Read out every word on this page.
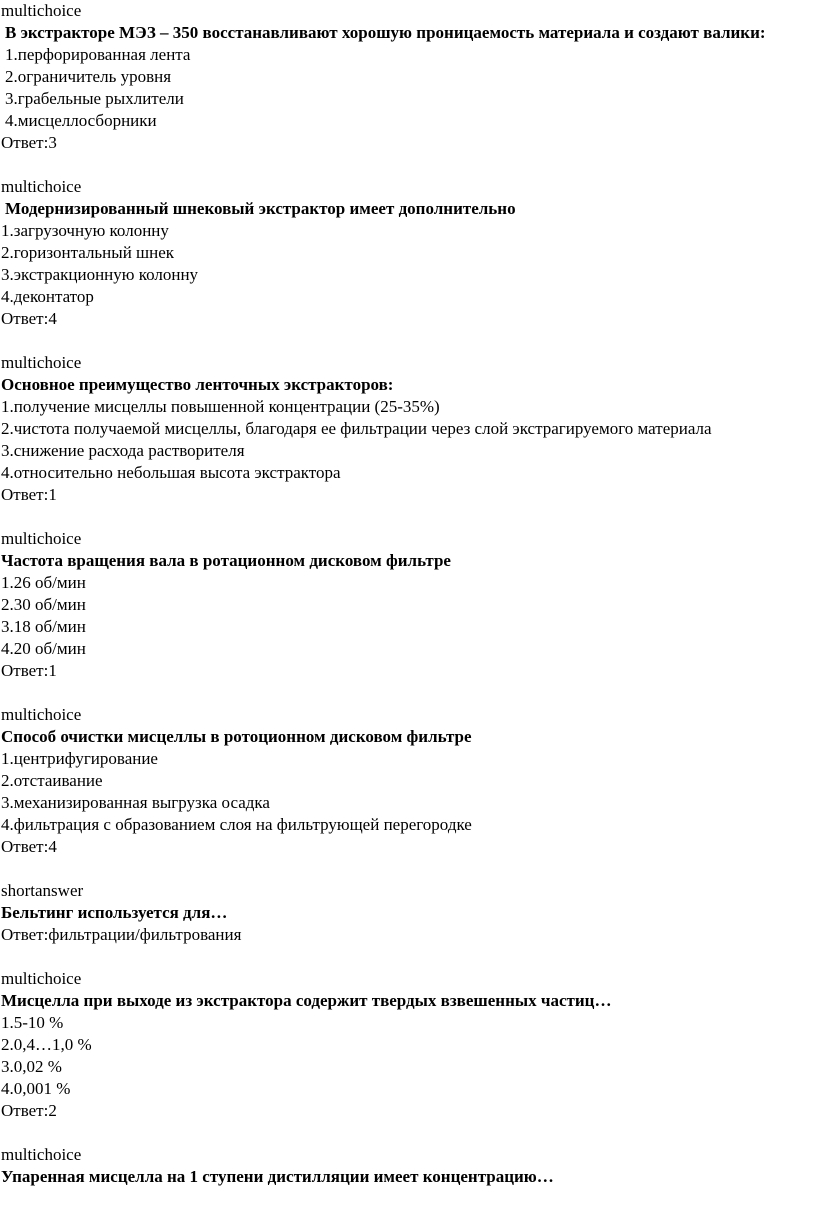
multichoice
В экстракторе МЭЗ – 350 восстанавливают хорошую проницаемость материала и создают валики:
1.перфорированная лента
2.ограничитель уровня
3.грабельные рыхлители
4.мисцеллосборники
Ответ:3
multichoice
Модернизированный шнековый экстрактор имеет дополнительно
1.загрузочную колонну
2.горизонтальный шнек
3.экстракционную колонну
4.деконтатор
Ответ:4
multichoice
Основное преимущество ленточных экстракторов:
1.получение мисцеллы повышенной концентрации (25-35%)
2.чистота получаемой мисцеллы, благодаря ее фильтрации через слой экстрагируемого материала
3.снижение расхода растворителя
4.относительно небольшая высота экстрактора
Ответ:1
multichoice
Частота вращения вала в ротационном дисковом фильтре
1.26 об/мин
2.30 об/мин
3.18 об/мин
4.20 об/мин
Ответ:1
multichoice
Способ очистки мисцеллы в ротоционном дисковом фильтре
1.центрифугирование
2.отстаивание
3.механизированная выгрузка осадка
4.фильтрация с образованием слоя на фильтрующей перегородке
Ответ:4
shortanswer
Бельтинг используется для…
Ответ:фильтрации/фильтрования
multichoice
Мисцелла при выходе из экстрактора содержит твердых взвешенных частиц…
1.5-10 %
2.0,4…1,0 %
3.0,02 %
4.0,001 %
Ответ:2
multichoice
Упаренная мисцелла на 1 ступени дистилляции имеет концентрацию…
